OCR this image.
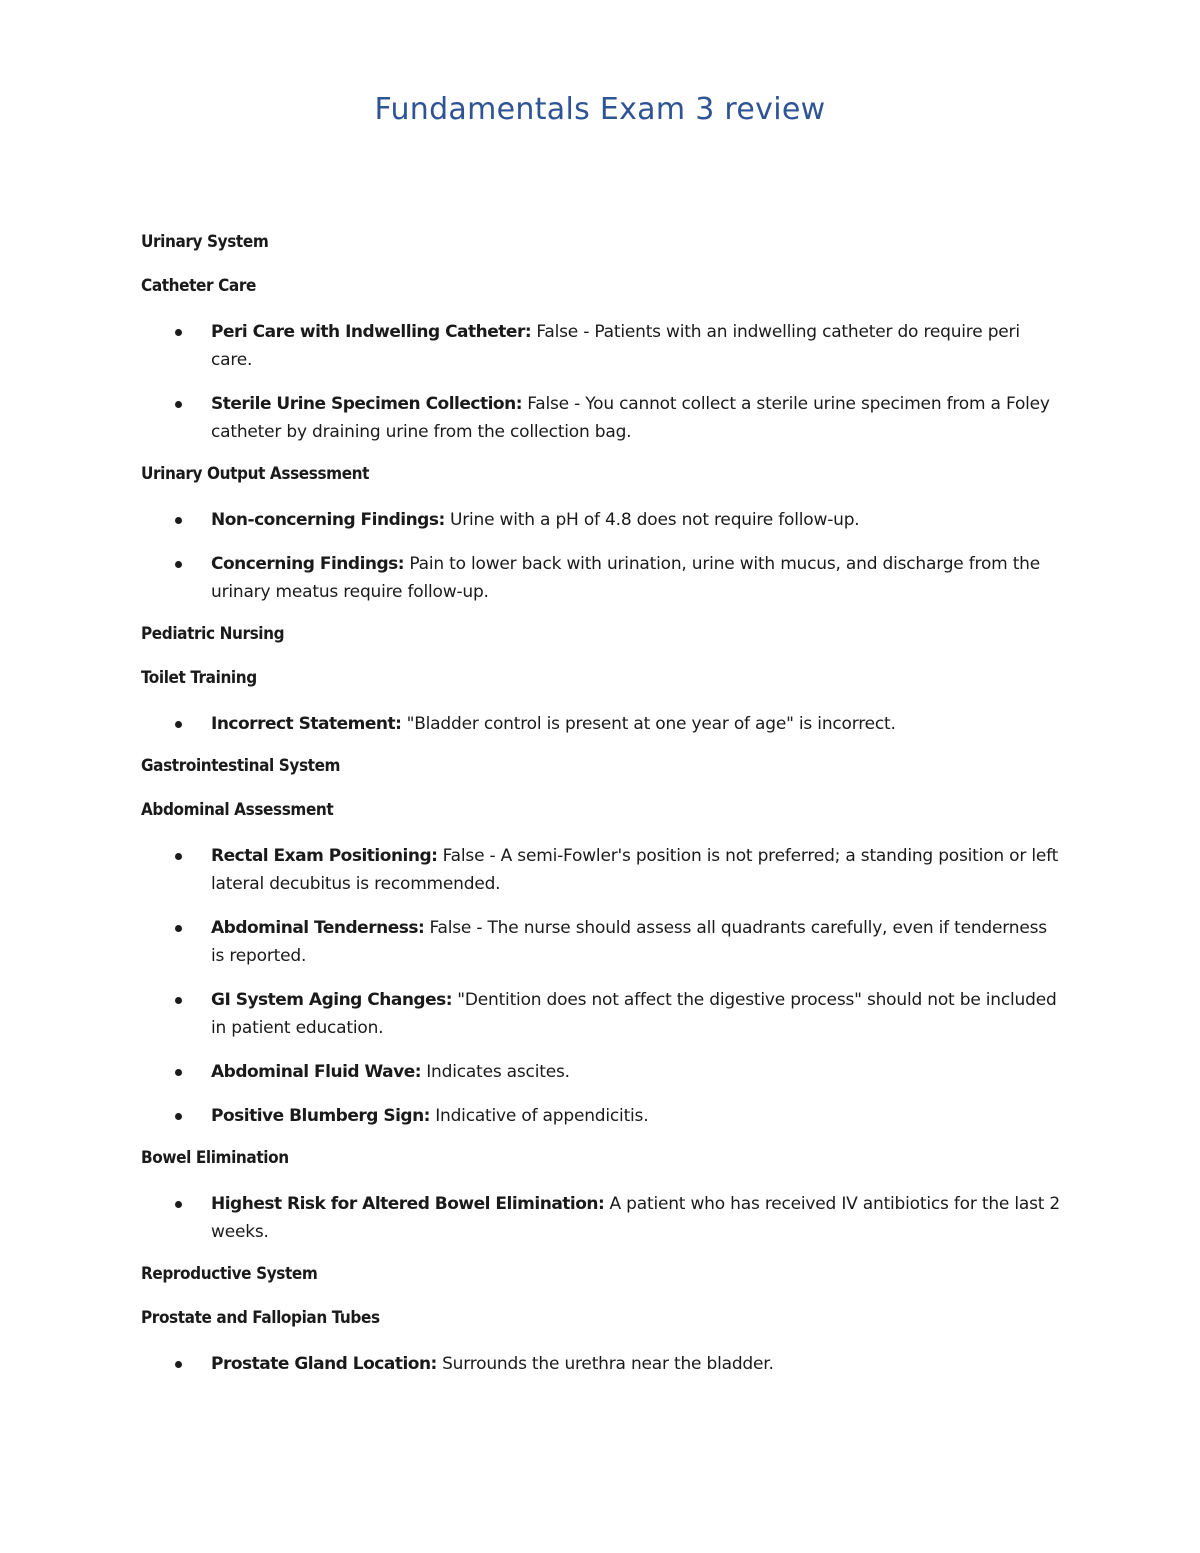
Fundamentals Exam 3 review

Urinary System

Catheter Care

Peri Care with Indwelling Catheter: False - Patients with an indwelling catheter do require peri care.
Sterile Urine Specimen Collection: False - You cannot collect a sterile urine specimen from a Foley catheter by draining urine from the collection bag.

Urinary Output Assessment

Non-concerning Findings: Urine with a pH of 4.8 does not require follow-up.
Concerning Findings: Pain to lower back with urination, urine with mucus, and discharge from the urinary meatus require follow-up.

Pediatric Nursing

Toilet Training

Incorrect Statement: "Bladder control is present at one year of age" is incorrect.

Gastrointestinal System

Abdominal Assessment

Rectal Exam Positioning: False - A semi-Fowler's position is not preferred; a standing position or left lateral decubitus is recommended.
Abdominal Tenderness: False - The nurse should assess all quadrants carefully, even if tenderness is reported.
GI System Aging Changes: "Dentition does not affect the digestive process" should not be included in patient education.
Abdominal Fluid Wave: Indicates ascites.
Positive Blumberg Sign: Indicative of appendicitis.

Bowel Elimination

Highest Risk for Altered Bowel Elimination: A patient who has received IV antibiotics for the last 2 weeks.

Reproductive System

Prostate and Fallopian Tubes

Prostate Gland Location: Surrounds the urethra near the bladder.
